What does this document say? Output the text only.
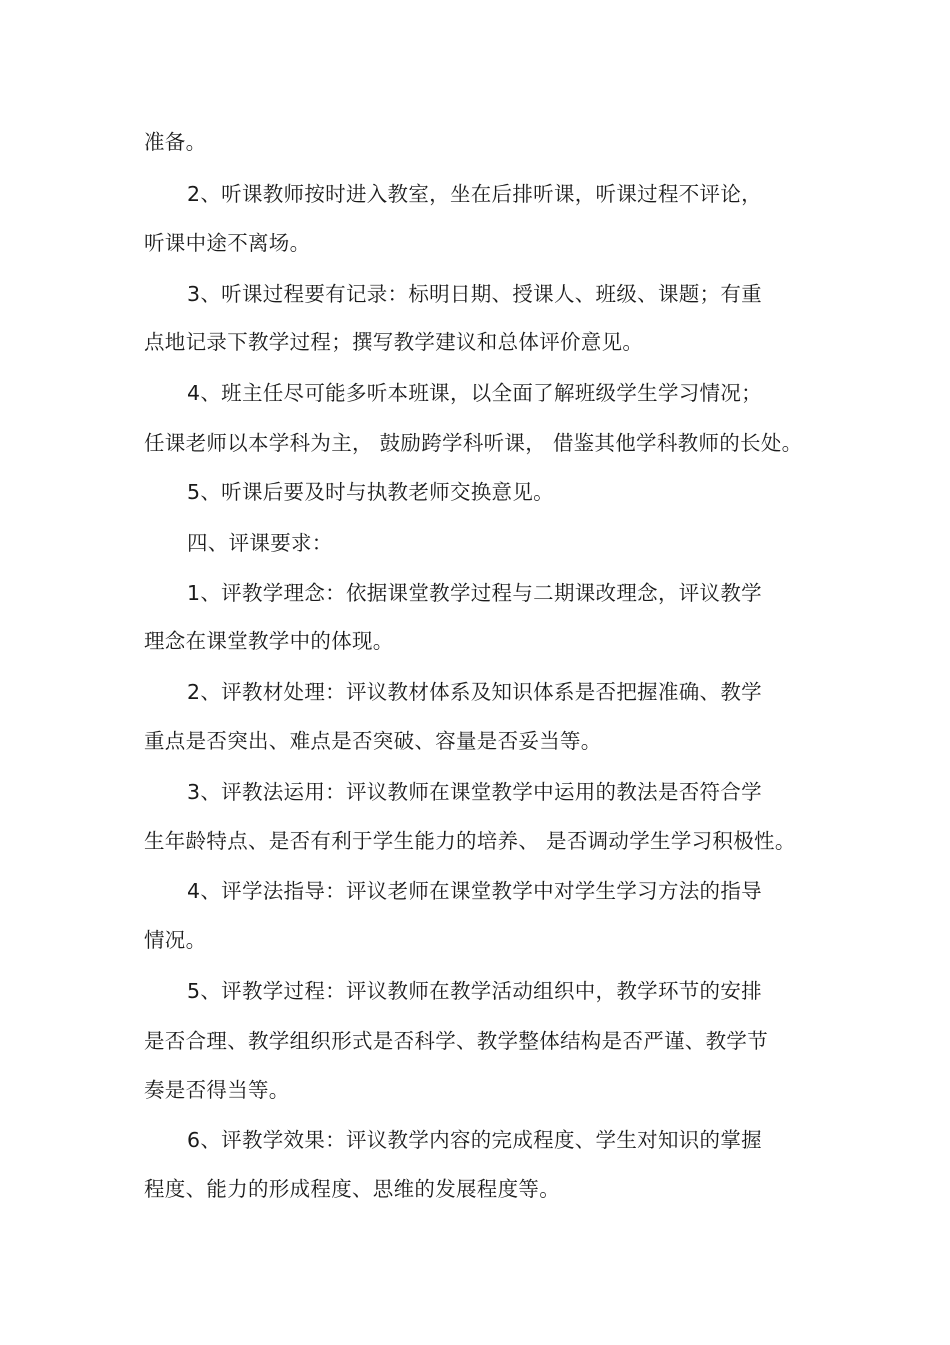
准备。
2、听课教师按时进入教室，坐在后排听课，听课过程不评论，
听课中途不离场。
3、听课过程要有记录：标明日期、授课人、班级、课题；有重
点地记录下教学过程；撰写教学建议和总体评价意见。
4、班主任尽可能多听本班课，以全面了解班级学生学习情况；
任课老师以本学科为主， 鼓励跨学科听课， 借鉴其他学科教师的长处。
5、听课后要及时与执教老师交换意见。
四、评课要求：
1、评教学理念：依据课堂教学过程与二期课改理念，评议教学
理念在课堂教学中的体现。
2、评教材处理：评议教材体系及知识体系是否把握准确、教学
重点是否突出、难点是否突破、容量是否妥当等。
3、评教法运用：评议教师在课堂教学中运用的教法是否符合学
生年龄特点、是否有利于学生能力的培养、 是否调动学生学习积极性。
4、评学法指导：评议老师在课堂教学中对学生学习方法的指导
情况。
5、评教学过程：评议教师在教学活动组织中，教学环节的安排
是否合理、教学组织形式是否科学、教学整体结构是否严谨、教学节
奏是否得当等。
6、评教学效果：评议教学内容的完成程度、学生对知识的掌握
程度、能力的形成程度、思维的发展程度等。
